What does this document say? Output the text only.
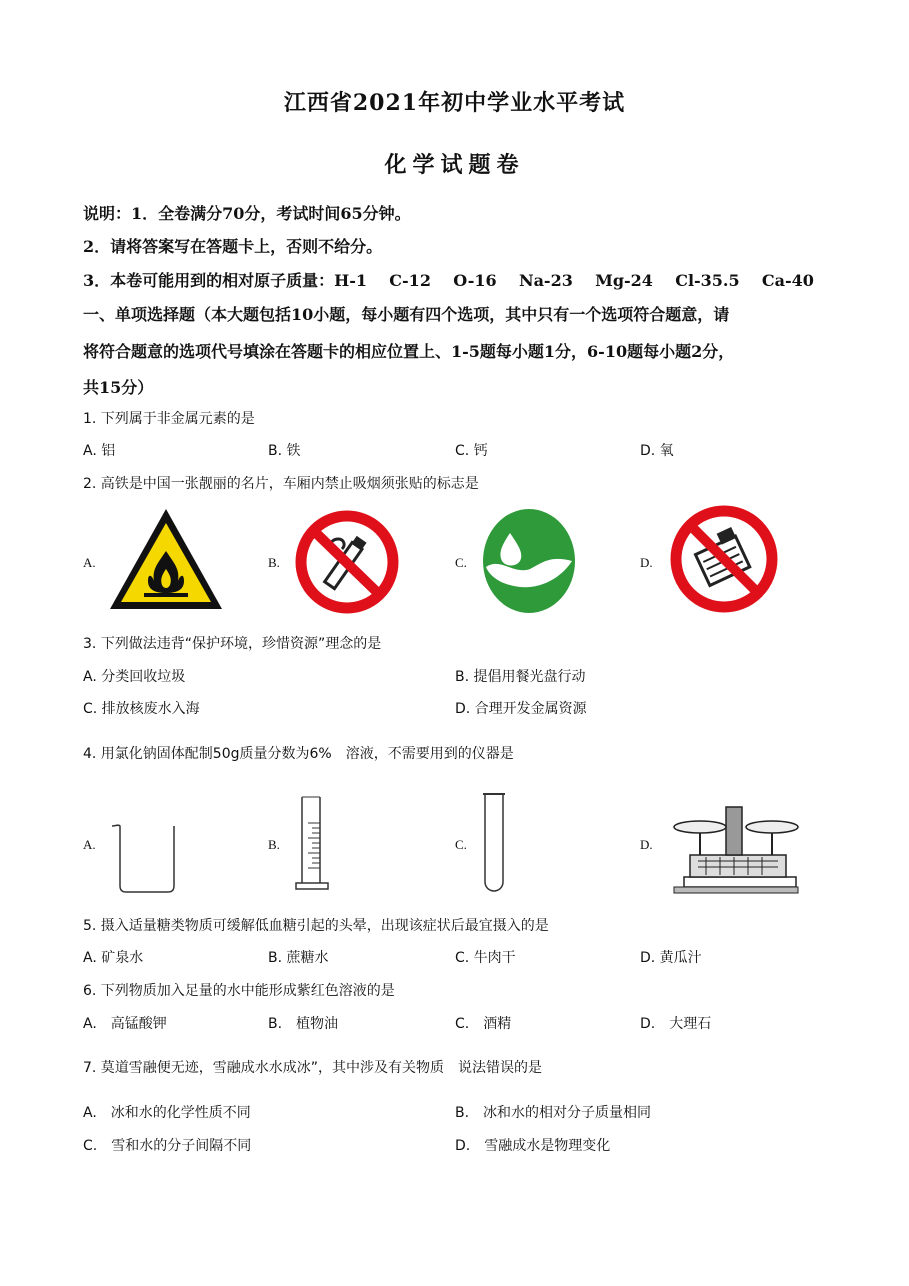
江西省2021年初中学业水平考试
化学试题卷
说明：1．全卷满分70分，考试时间65分钟。
2．请将答案写在答题卡上，否则不给分。
3．本卷可能用到的相对原子质量：H-1    C-12    O-16    Na-23    Mg-24    Cl-35.5    Ca-40
一、单项选择题（本大题包括10小题，每小题有四个选项，其中只有一个选项符合题意，请
将符合题意的选项代号填涂在答题卡的相应位置上、1-5题每小题1分，6-10题每小题2分，
共15分）
1. 下列属于非金属元素的是
A. 铝	B. 铁	C. 钙	D. 氧
2. 高铁是中国一张靓丽的名片，车厢内禁止吸烟须张贴的标志是
A.	B.	C.	D.
3. 下列做法违背“保护环境，珍惜资源”理念的是
A. 分类回收垃圾	B. 提倡用餐光盘行动
C. 排放核废水入海	D. 合理开发金属资源
4. 用氯化钠固体配制50g质量分数为6%　溶液，不需要用到的仪器是
A.	B.	C.	D.
5. 摄入适量糖类物质可缓解低血糖引起的头晕，出现该症状后最宜摄入的是
A. 矿泉水	B. 蔗糖水	C. 牛肉干	D. 黄瓜汁
6. 下列物质加入足量的水中能形成紫红色溶液的是
A.　高锰酸钾	B.　植物油	C.　酒精	D.　大理石
7. 莫道雪融便无迹，雪融成水水成冰”，其中涉及有关物质　说法错误的是
A.　冰和水的化学性质不同	B.　冰和水的相对分子质量相同
C.　雪和水的分子间隔不同	D.　雪融成水是物理变化
